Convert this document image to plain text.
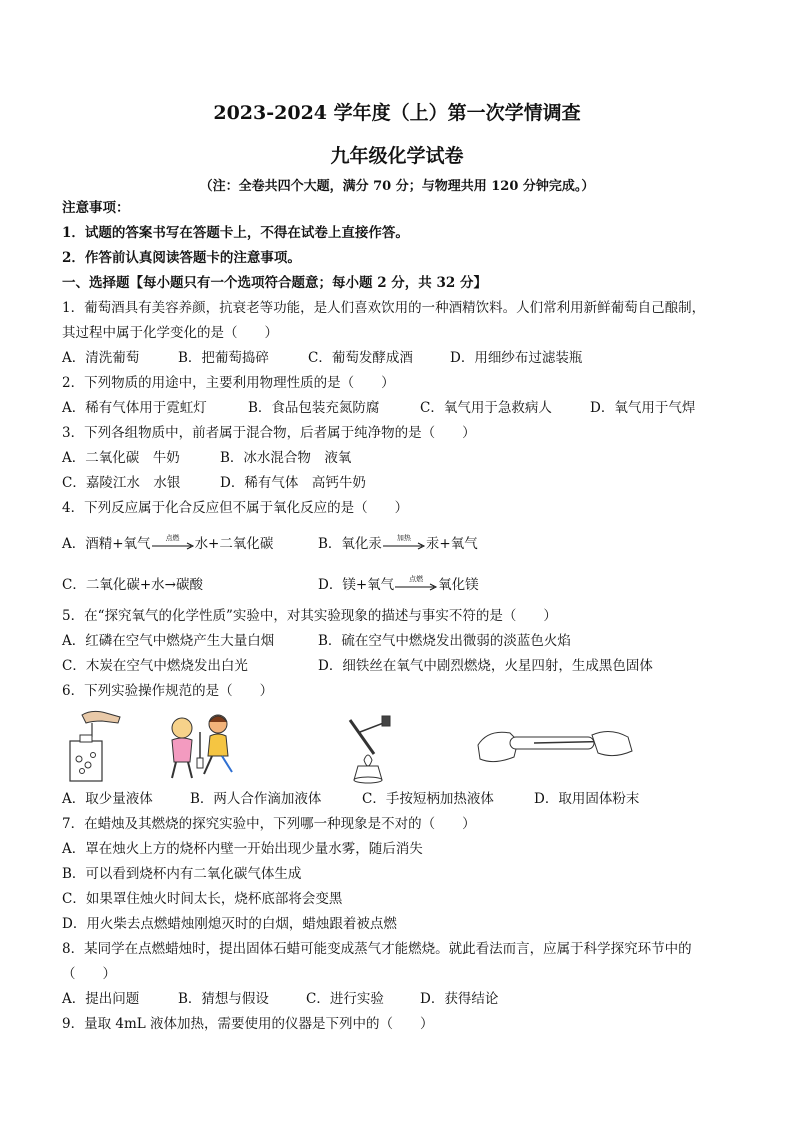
2023-2024 学年度（上）第一次学情调查
九年级化学试卷
（注：全卷共四个大题，满分 70 分；与物理共用 120 分钟完成。）
注意事项：
1．试题的答案书写在答题卡上，不得在试卷上直接作答。
2．作答前认真阅读答题卡的注意事项。
一、选择题【每小题只有一个选项符合题意；每小题 2 分，共 32 分】
1．葡萄酒具有美容养颜，抗衰老等功能，是人们喜欢饮用的一种酒精饮料。人们常利用新鲜葡萄自己酿制，
其过程中属于化学变化的是（　　）
A．清洗葡萄	B．把葡萄捣碎	C．葡萄发酵成酒	D．用细纱布过滤装瓶
2．下列物质的用途中，主要利用物理性质的是（　　）
A．稀有气体用于霓虹灯	B．食品包装充氮防腐	C．氧气用于急救病人	D．氧气用于气焊
3．下列各组物质中，前者属于混合物，后者属于纯净物的是（　　）
A．二氧化碳　牛奶	B．冰水混合物　液氧
C．嘉陵江水　水银	D．稀有气体　高钙牛奶
4．下列反应属于化合反应但不属于氧化反应的是（　　）
A．酒精+氧气	点燃	水+二氧化碳	B．氧化汞	加热	汞+氧气
C．二氧化碳+水→碳酸	D．镁+氧气	点燃	氧化镁
5．在“探究氧气的化学性质”实验中，对其实验现象的描述与事实不符的是（　　）
A．红磷在空气中燃烧产生大量白烟	B．硫在空气中燃烧发出微弱的淡蓝色火焰
C．木炭在空气中燃烧发出白光	D．细铁丝在氧气中剧烈燃烧，火星四射，生成黑色固体
6．下列实验操作规范的是（　　）
A．取少量液体	B．两人合作滴加液体	C．手按短柄加热液体	D．取用固体粉末
7．在蜡烛及其燃烧的探究实验中，下列哪一种现象是不对的（　　）
A．罩在烛火上方的烧杯内壁一开始出现少量水雾，随后消失
B．可以看到烧杯内有二氧化碳气体生成
C．如果罩住烛火时间太长，烧杯底部将会变黑
D．用火柴去点燃蜡烛刚熄灭时的白烟，蜡烛跟着被点燃
8．某同学在点燃蜡烛时，提出固体石蜡可能变成蒸气才能燃烧。就此看法而言，应属于科学探究环节中的
（　　）
A．提出问题	B．猜想与假设	C．进行实验	D．获得结论
9．量取 4mL 液体加热，需要使用的仪器是下列中的（　　）
